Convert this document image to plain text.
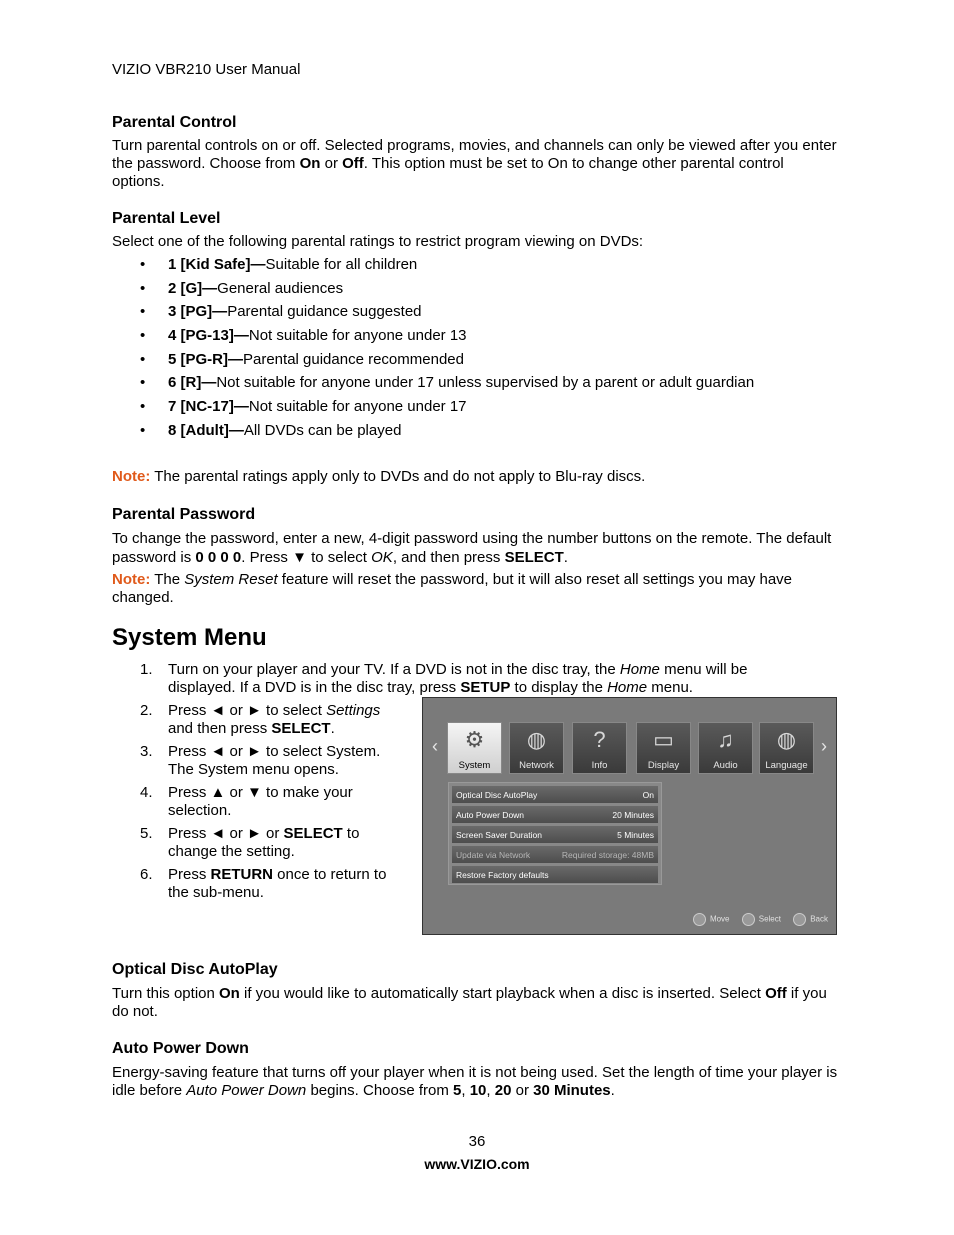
VIZIO VBR210 User Manual
Parental Control
Turn parental controls on or off. Selected programs, movies, and channels can only be viewed after you enter the password. Choose from On or Off. This option must be set to On to change other parental control options.
Parental Level
Select one of the following parental ratings to restrict program viewing on DVDs:
• 1 [Kid Safe]—Suitable for all children
• 2 [G]—General audiences
• 3 [PG]—Parental guidance suggested
• 4 [PG-13]—Not suitable for anyone under 13
• 5 [PG-R]—Parental guidance recommended
• 6 [R]—Not suitable for anyone under 17 unless supervised by a parent or adult guardian
• 7 [NC-17]—Not suitable for anyone under 17
• 8 [Adult]—All DVDs can be played
Note: The parental ratings apply only to DVDs and do not apply to Blu-ray discs.
Parental Password
To change the password, enter a new, 4-digit password using the number buttons on the remote. The default password is 0 0 0 0. Press ▼ to select OK, and then press SELECT.
Note: The System Reset feature will reset the password, but it will also reset all settings you may have changed.
System Menu
1. Turn on your player and your TV. If a DVD is not in the disc tray, the Home menu will be displayed. If a DVD is in the disc tray, press SETUP to display the Home menu.
2. Press ◄ or ► to select Settings and then press SELECT.
3. Press ◄ or ► to select System. The System menu opens.
4. Press ▲ or ▼ to make your selection.
5. Press ◄ or ► or SELECT to change the setting.
6. Press RETURN once to return to the sub-menu.
Optical Disc AutoPlay
Turn this option On if you would like to automatically start playback when a disc is inserted. Select Off if you do not.
Auto Power Down
Energy-saving feature that turns off your player when it is not being used. Set the length of time your player is idle before Auto Power Down begins. Choose from 5, 10, 20 or 30 Minutes.
36
www.VIZIO.com
‹	›
⚙
System
◍
Network
?
Info
▭
Display
♫
Audio
◍
Language
Optical Disc AutoPlay	On
Auto Power Down	20 Minutes
Screen Saver Duration	5 Minutes
Update via Network	Required storage: 48MB
Restore Factory defaults
Move	Select	Back
